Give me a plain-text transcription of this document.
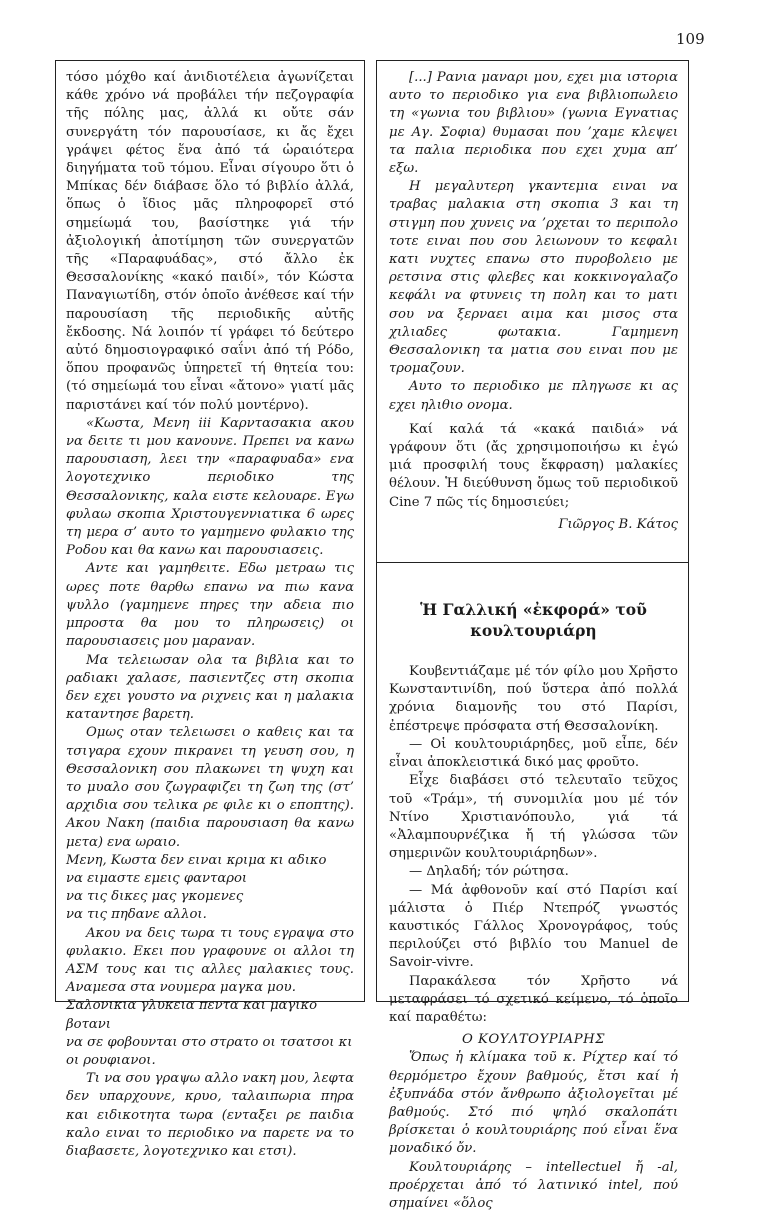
109

τόσο μόχθο καί ἀνιδιοτέλεια ἀγωνίζεται κάθε χρόνο νά προβάλει τήν πεζογραφία τῆς πόλης μας, ἀλλά κι οὔτε σάν συνεργάτη τόν παρουσίασε, κι ἄς ἔχει γράψει φέτος ἕνα ἀπό τά ὡραιότερα διηγήματα τοῦ τόμου. Εἶναι σίγουρο ὅτι ὁ Μπίκας δέν διάβασε ὅλο τό βιβλίο ἀλλά, ὅπως ὁ ἴδιος μᾶς πληροφορεῖ στό σημείωμά του, βασίστηκε γιά τήν ἀξιολογική ἀποτίμηση τῶν συνεργατῶν τῆς «Παραφυάδας», στό ἄλλο ἐκ Θεσσαλονίκης «κακό παιδί», τόν Κώστα Παναγιωτίδη, στόν ὁποῖο ἀνέθεσε καί τήν παρουσίαση τῆς περιοδικῆς αὐτῆς ἔκδοσης. Νά λοιπόν τί γράφει τό δεύτερο αὐτό δημοσιογραφικό σαΐνι ἀπό τή Ρόδο, ὅπου προφανῶς ὑπηρετεῖ τή θητεία του: (τό σημείωμά του εἶναι «ἄτονο» γιατί μᾶς παριστάνει καί τόν πολύ μοντέρνο).

«Κωστα, Μενη iii Καρντασακια ακου να δειτε τι μου κανουνε. Πρεπει να κανω παρουσιαση, λεει την «παραφυαδα» ενα λογοτεχνικο περιοδικο της Θεσσαλονικης, καλα ειστε κελουαρε. Εγω φυλαω σκοπια Χριστουγεννιατικα 6 ωρες τη μερα σ’ αυτο το γαμημενο φυλακιο της Ροδου και θα κανω και παρουσιασεις.

Αντε και γαμηθειτε. Εδω μετραω τις ωρες ποτε θαρθω επανω να πιω κανα ψυλλο (γαμημενε πηρες την αδεια πιο μπροστα θα μου το πληρωσεις) οι παρουσιασεις μου μαραναν.

Μα τελειωσαν ολα τα βιβλια και το ραδιακι χαλασε, πασιεντζες στη σκοπια δεν εχει γουστο να ριχνεις και η μαλακια καταντησε βαρετη.

Ομως οταν τελειωσει ο καθεις και τα τσιγαρα εχουν πικρανει τη γευση σου, η Θεσσαλονικη σου πλακωνει τη ψυχη και το μυαλο σου ζωγραφιζει τη ζωη της (στ’ αρχιδια σου τελικα ρε φιλε κι ο εποπτης). Ακου Νακη (παιδια παρουσιαση θα κανω μετα) ενα ωραιο.

Μενη, Κωστα δεν ειναι κριμα κι αδικο

να ειμαστε εμεις φανταροι

να τις δικες μας γκομενες

να τις πηδανε αλλοι.

Ακου να δεις τωρα τι τους εγραψα στο φυλακιο. Εκει που γραφουνε οι αλλοι τη ΑΣΜ τους και τις αλλες μαλακιες τους. Αναμεσα στα νουμερα μαγκα μου.

Σαλονικια γλυκεια πεντα και μαγικο βοτανι

να σε φοβουνται στο στρατο οι τσατσοι κι οι ρουφιανοι.

Τι να σου γραψω αλλο νακη μου, λεφτα δεν υπαρχουνε, κρυο, ταλαιπωρια πηρα και ειδικοτητα τωρα (ενταξει ρε παιδια καλο ειναι το περιοδικο να παρετε να το διαβασετε, λογοτεχνικο και ετσι).

[...] Ρανια μαναρι μου, εχει μια ιστορια αυτο το περιοδικο για ενα βιβλιοπωλειο τη «γωνια του βιβλιου» (γωνια Εγνατιας με Αγ. Σοφια) θυμασαι που ’χαμε κλεψει τα παλια περιοδικα που εχει χυμα απ’ εξω.

Η μεγαλυτερη γκαντεμια ειναι να τραβας μαλακια στη σκοπια 3 και τη στιγμη που χυνεις να ’ρχεται το περιπολο τοτε ειναι που σου λειωνουν το κεφαλι κατι νυχτες επανω στο πυροβολειο με ρετσινα στις φλεβες και κοκκινογαλαζο κεφάλι να φτυνεις τη πολη και το ματι σου να ξερναει αιμα και μισος στα χιλιαδες φωτακια. Γαμημενη Θεσσαλονικη τα ματια σου ειναι που με τρομαζουν.

Αυτο το περιοδικο με πληγωσε κι ας εχει ηλιθιο ονομα.

Καί καλά τά «κακά παιδιά» νά γράφουν ὅτι (ἄς χρησιμοποιήσω κι ἐγώ μιά προσφιλή τους ἔκφραση) μαλακίες θέλουν. Ἡ διεύθυνση ὅμως τοῦ περιοδικοῦ Cine 7 πῶς τίς δημοσιεύει;

Γιῶργος Β. Κάτος

Ἡ Γαλλική «ἐκφορά» τοῦ κουλτουριάρη

Κουβεντιάζαμε μέ τόν φίλο μου Χρῆστο Κωνσταντινίδη, πού ὕστερα ἀπό πολλά χρόνια διαμονῆς του στό Παρίσι, ἐπέστρεψε πρόσφατα στή Θεσσαλονίκη.

— Οἱ κουλτουριάρηδες, μοῦ εἶπε, δέν εἶναι ἀποκλειστικά δικό μας φροῦτο.

Εἶχε διαβάσει στό τελευταῖο τεῦχος τοῦ «Τράμ», τή συνομιλία μου μέ τόν Ντίνο Χριστιανόπουλο, γιά τά «Ἀλαμπουρνέζικα ἤ τή γλώσσα τῶν σημερινῶν κουλτουριάρηδων».

— Δηλαδή; τόν ρώτησα.

— Μά ἀφθονοῦν καί στό Παρίσι καί μάλιστα ὁ Πιέρ Ντεπρόζ γνωστός καυστικός Γάλλος Χρονογράφος, τούς περιλούζει στό βιβλίο του Manuel de Savoir-vivre.

Παρακάλεσα τόν Χρῆστο νά μεταφράσει τό σχετικό κείμενο, τό ὁποῖο καί παραθέτω:

Ο ΚΟΥΛΤΟΥΡΙΑΡΗΣ

Ὅπως ἡ κλίμακα τοῦ κ. Ρίχτερ καί τό θερμόμετρο ἔχουν βαθμούς, ἔτσι καί ἡ ἐξυπνάδα στόν ἄνθρωπο ἀξιολογεῖται μέ βαθμούς. Στό πιό ψηλό σκαλοπάτι βρίσκεται ὁ κουλτουριάρης πού εἶναι ἕνα μοναδικό ὄν.

Κουλτουριάρης – intellectuel ἤ -al, προέρχεται ἀπό τό λατινικό intel, πού σημαίνει «ὅλος
